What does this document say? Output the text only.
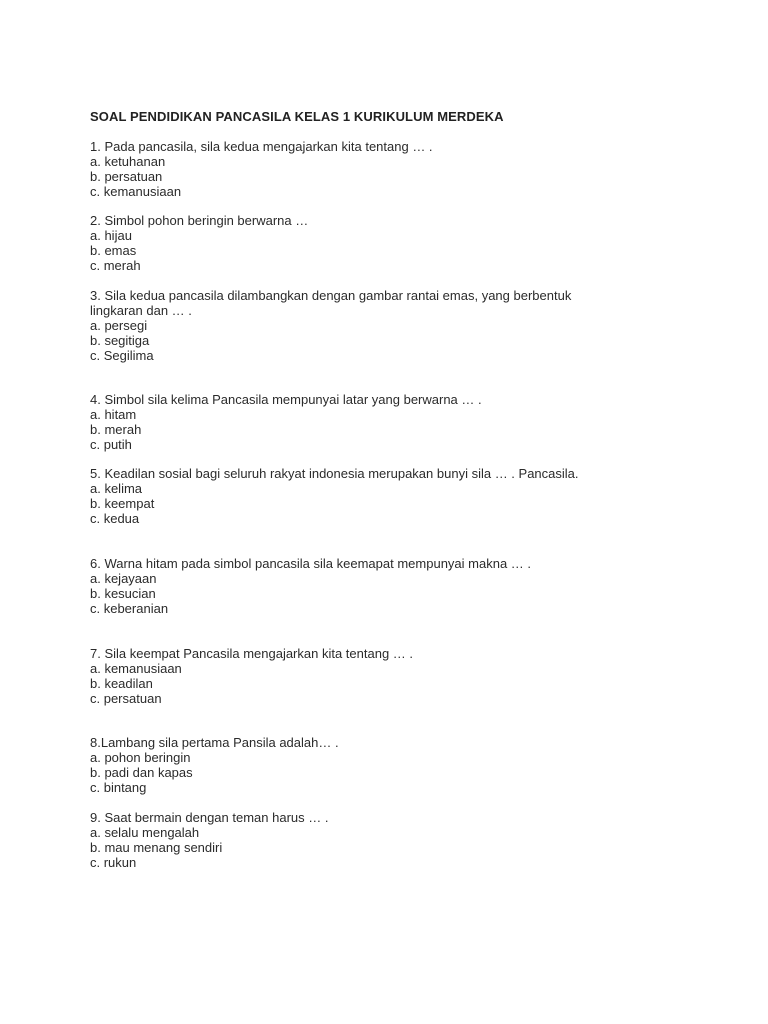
SOAL PENDIDIKAN PANCASILA KELAS 1 KURIKULUM MERDEKA
1. Pada pancasila, sila kedua mengajarkan kita tentang … .
a. ketuhanan
b. persatuan
c. kemanusiaan
2. Simbol pohon beringin berwarna …
a. hijau
b. emas
c. merah
3. Sila kedua pancasila dilambangkan dengan gambar rantai emas, yang berbentuk
lingkaran dan … .
a. persegi
b. segitiga
c. Segilima
4. Simbol sila kelima Pancasila mempunyai latar yang berwarna … .
a. hitam
b. merah
c. putih
5. Keadilan sosial bagi seluruh rakyat indonesia merupakan bunyi sila … . Pancasila.
a. kelima
b. keempat
c. kedua
6. Warna hitam pada simbol pancasila sila keemapat mempunyai makna … .
a. kejayaan
b. kesucian
c. keberanian
7. Sila keempat Pancasila mengajarkan kita tentang … .
a. kemanusiaan
b. keadilan
c. persatuan
8.Lambang sila pertama Pansila adalah… .
a. pohon beringin
b. padi dan kapas
c. bintang
9. Saat bermain dengan teman harus … .
a. selalu mengalah
b. mau menang sendiri
c. rukun
